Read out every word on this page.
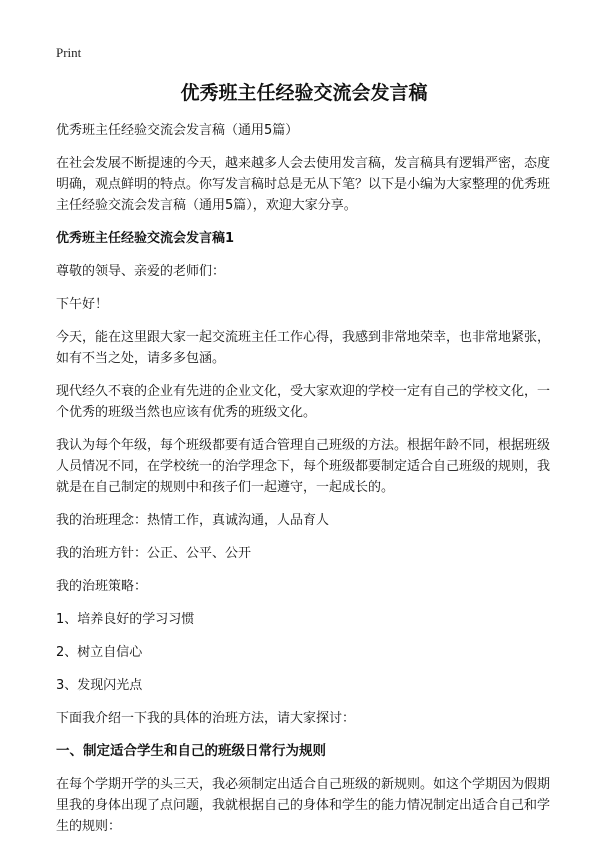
Print
优秀班主任经验交流会发言稿

优秀班主任经验交流会发言稿（通用5篇）

在社会发展不断提速的今天，越来越多人会去使用发言稿，发言稿具有逻辑严密，态度明确，观点鲜明的特点。你写发言稿时总是无从下笔？以下是小编为大家整理的优秀班主任经验交流会发言稿（通用5篇），欢迎大家分享。

优秀班主任经验交流会发言稿1

尊敬的领导、亲爱的老师们：

下午好！

今天，能在这里跟大家一起交流班主任工作心得，我感到非常地荣幸，也非常地紧张，如有不当之处，请多多包涵。

现代经久不衰的企业有先进的企业文化，受大家欢迎的学校一定有自己的学校文化，一个优秀的班级当然也应该有优秀的班级文化。

我认为每个年级，每个班级都要有适合管理自己班级的方法。根据年龄不同，根据班级人员情况不同，在学校统一的治学理念下，每个班级都要制定适合自己班级的规则，我就是在自己制定的规则中和孩子们一起遵守，一起成长的。

我的治班理念：热情工作，真诚沟通，人品育人

我的治班方针：公正、公平、公开

我的治班策略：

1、培养良好的学习习惯

2、树立自信心

3、发现闪光点

下面我介绍一下我的具体的治班方法，请大家探讨：

一、制定适合学生和自己的班级日常行为规则

在每个学期开学的头三天，我必须制定出适合自己班级的新规则。如这个学期因为假期里我的身体出现了点问题，我就根据自己的身体和学生的能力情况制定出适合自己和学生的规则：
